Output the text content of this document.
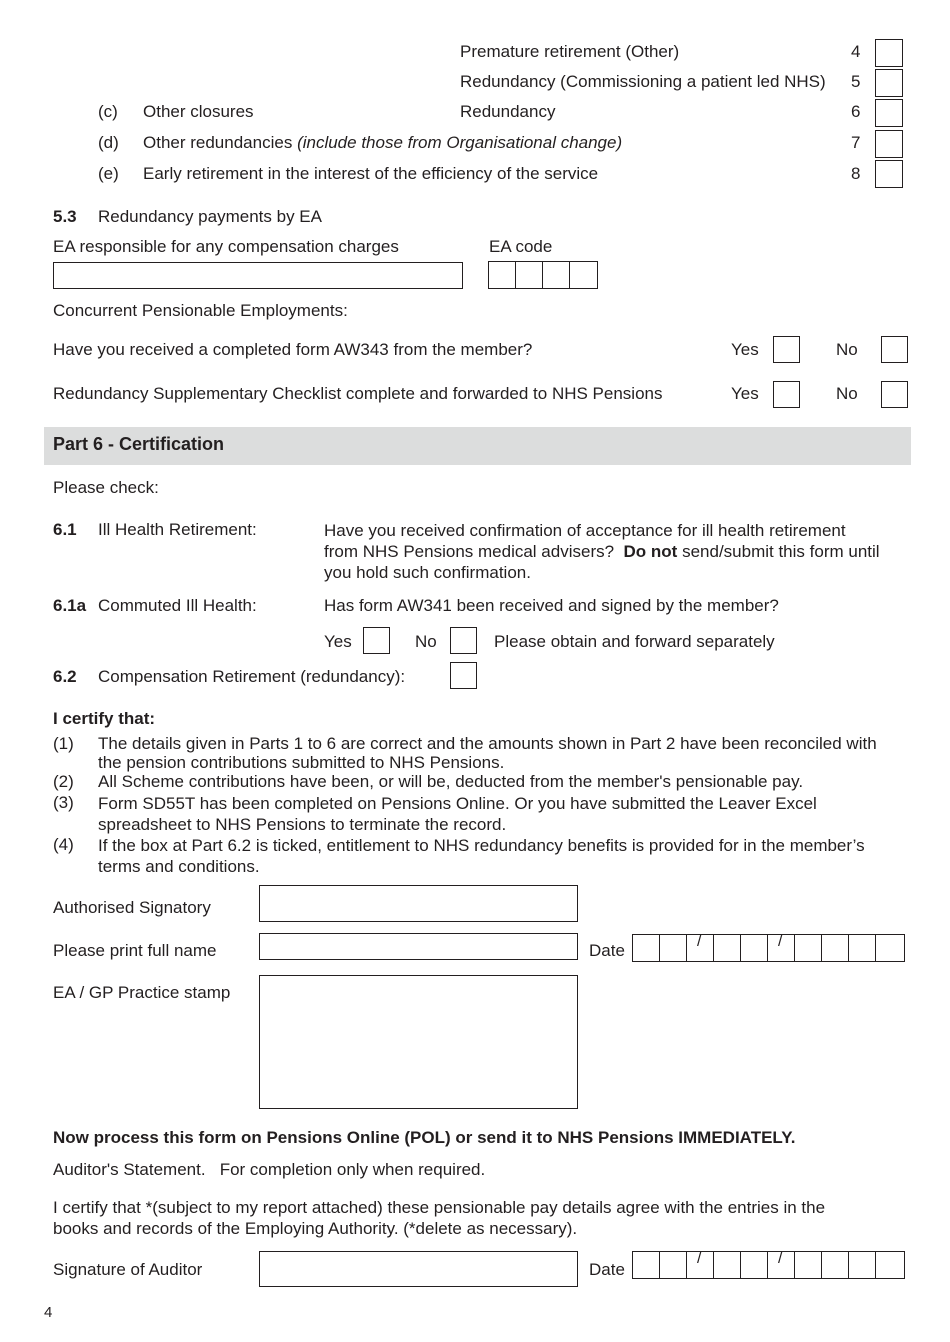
Premature retirement (Other)	4
Redundancy (Commissioning a patient led NHS) 5
(c) Other closures	Redundancy	6
(d) Other redundancies (include those from Organisational change)	7
(e) Early retirement in the interest of the efficiency of the service	8
5.3 Redundancy payments by EA
EA responsible for any compensation charges	EA code
Concurrent Pensionable Employments:
Have you received a completed form AW343 from the member?	Yes	No
Redundancy Supplementary Checklist complete and forwarded to NHS Pensions	Yes	No
Part 6 - Certification
Please check:
6.1 Ill Health Retirement:	Have you received confirmation of acceptance for ill health retirement from NHS Pensions medical advisers? Do not send/submit this form until you hold such confirmation.
6.1a Commuted Ill Health:	Has form AW341 been received and signed by the member?
Yes	No	Please obtain and forward separately
6.2 Compensation Retirement (redundancy):
I certify that:
(1) The details given in Parts 1 to 6 are correct and the amounts shown in Part 2 have been reconciled with the pension contributions submitted to NHS Pensions.
(2) All Scheme contributions have been, or will be, deducted from the member's pensionable pay.
(3) Form SD55T has been completed on Pensions Online. Or you have submitted the Leaver Excel spreadsheet to NHS Pensions to terminate the record.
(4) If the box at Part 6.2 is ticked, entitlement to NHS redundancy benefits is provided for in the member’s terms and conditions.
Authorised Signatory
Please print full name	Date	/	/
EA / GP Practice stamp
Now process this form on Pensions Online (POL) or send it to NHS Pensions IMMEDIATELY.
Auditor's Statement.   For completion only when required.
I certify that *(subject to my report attached) these pensionable pay details agree with the entries in the books and records of the Employing Authority. (*delete as necessary).
Signature of Auditor	Date
/	/
4
